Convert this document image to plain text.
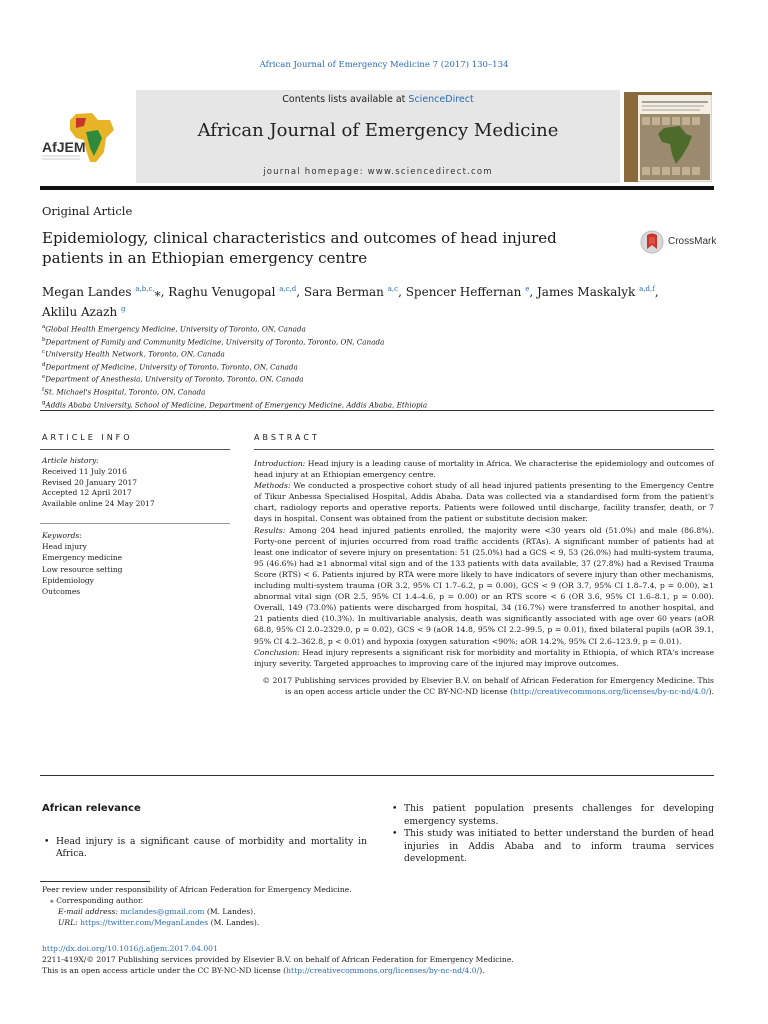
African Journal of Emergency Medicine 7 (2017) 130–134
Contents lists available at ScienceDirect
African Journal of Emergency Medicine
journal homepage: www.sciencedirect.com
AfJEM
Original Article
Epidemiology, clinical characteristics and outcomes of head injured patients in an Ethiopian emergency centre
CrossMark
Megan Landes $^{a,b,c,}$⁎, Raghu Venugopal $^{a,c,d}$, Sara Berman $^{a,c}$, Spencer Heffernan $^e$, James Maskalyk $^{a,d,f}$,
Aklilu Azazh $^g$
$^a$Global Health Emergency Medicine, University of Toronto, ON, Canada
$^b$Department of Family and Community Medicine, University of Toronto, Toronto, ON, Canada
$^c$University Health Network, Toronto, ON, Canada
$^d$Department of Medicine, University of Toronto, Toronto, ON, Canada
$^e$Department of Anesthesia, University of Toronto, Toronto, ON, Canada
$^f$St. Michael's Hospital, Toronto, ON, Canada
$^g$Addis Ababa University, School of Medicine, Department of Emergency Medicine, Addis Ababa, Ethiopia
ARTICLE INFO	ABSTRACT
Article history:
Received 11 July 2016
Revised 20 January 2017
Accepted 12 April 2017
Available online 24 May 2017
Keywords:
Head injury
Emergency medicine
Low resource setting
Epidemiology
Outcomes

Introduction: Head injury is a leading cause of mortality in Africa. We characterise the epidemiology and outcomes of head injury at an Ethiopian emergency centre.

Methods: We conducted a prospective cohort study of all head injured patients presenting to the Emergency Centre of Tikur Anbessa Specialised Hospital, Addis Ababa. Data was collected via a standardised form from the patient's chart, radiology reports and operative reports. Patients were followed until discharge, facility transfer, death, or 7 days in hospital. Consent was obtained from the patient or substitute decision maker.

Results: Among 204 head injured patients enrolled, the majority were <30 years old (51.0%) and male (86.8%). Forty-one percent of injuries occurred from road traffic accidents (RTAs). A significant number of patients had at least one indicator of severe injury on presentation: 51 (25.0%) had a GCS < 9, 53 (26.0%) had multi-system trauma, 95 (46.6%) had ≥1 abnormal vital sign and of the 133 patients with data available, 37 (27.8%) had a Revised Trauma Score (RTS) < 6. Patients injured by RTA were more likely to have indicators of severe injury than other mechanisms, including multi-system trauma (OR 3.2, 95% CI 1.7–6.2, p = 0.00), GCS < 9 (OR 3.7, 95% CI 1.8–7.4, p = 0.00), ≥1 abnormal vital sign (OR 2.5, 95% CI 1.4–4.6, p = 0.00) or an RTS score < 6 (OR 3.6, 95% CI 1.6–8.1, p = 0.00). Overall, 149 (73.0%) patients were discharged from hospital, 34 (16.7%) were transferred to another hospital, and 21 patients died (10.3%). In multivariable analysis, death was significantly associated with age over 60 years (aOR 68.8, 95% CI 2.0–2329.0, p = 0.02), GCS < 9 (aOR 14.8, 95% CI 2.2–99.5, p = 0.01), fixed bilateral pupils (aOR 39.1, 95% CI 4.2–362.8, p < 0.01) and hypoxia (oxygen saturation <90%; aOR 14.2%, 95% CI 2.6–123.9, p = 0.01).

Conclusion: Head injury represents a significant risk for morbidity and mortality in Ethiopia, of which RTA's increase injury severity. Targeted approaches to improving care of the injured may improve outcomes.

© 2017 Publishing services provided by Elsevier B.V. on behalf of African Federation for Emergency Medicine. This is an open access article under the CC BY-NC-ND license (http://creativecommons.org/licenses/by-nc-nd/4.0/).

African relevance
• Head injury is a significant cause of morbidity and mortality in Africa.
• This patient population presents challenges for developing emergency systems.
• This study was initiated to better understand the burden of head injuries in Addis Ababa and to inform trauma services development.
Peer review under responsibility of African Federation for Emergency Medicine.
⁎ Corresponding author.
E-mail address: mclandes@gmail.com (M. Landes).
URL: https://twitter.com/MeganLandes (M. Landes).
http://dx.doi.org/10.1016/j.afjem.2017.04.001
2211-419X/© 2017 Publishing services provided by Elsevier B.V. on behalf of African Federation for Emergency Medicine.
This is an open access article under the CC BY-NC-ND license (http://creativecommons.org/licenses/by-nc-nd/4.0/).
